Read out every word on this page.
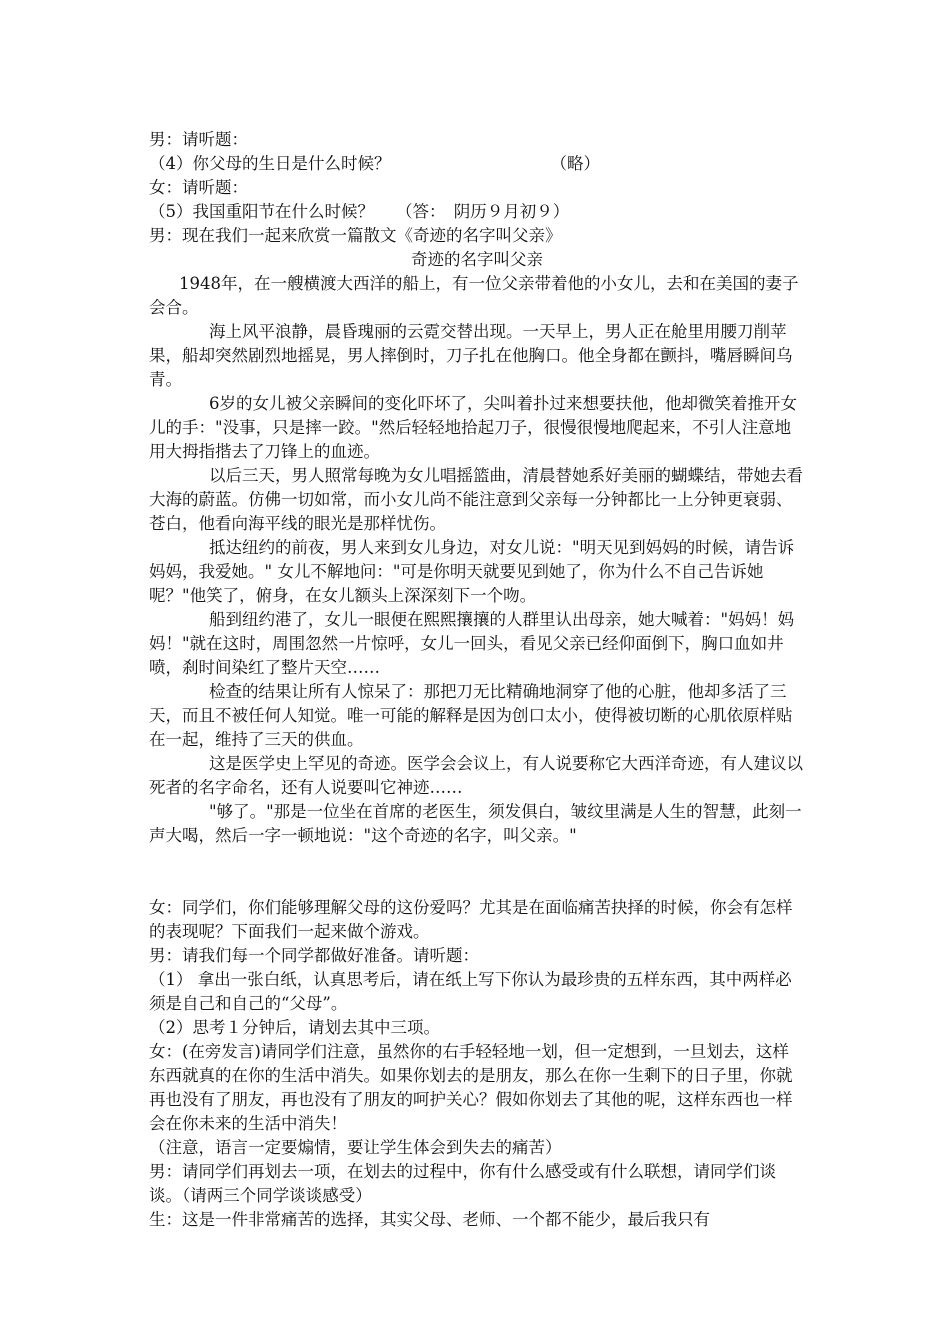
男：请听题：

（4）你父母的生日是什么时候？	（略）

女：请听题：

（5）我国重阳节在什么时候？ （答：　阴历９月初９）

男：现在我们一起来欣赏一篇散文《奇迹的名字叫父亲》

奇迹的名字叫父亲

1948年，在一艘横渡大西洋的船上，有一位父亲带着他的小女儿，去和在美国的妻子会合。

海上风平浪静，晨昏瑰丽的云霓交替出现。一天早上，男人正在舱里用腰刀削苹果，船却突然剧烈地摇晃，男人摔倒时，刀子扎在他胸口。他全身都在颤抖，嘴唇瞬间乌青。

6岁的女儿被父亲瞬间的变化吓坏了，尖叫着扑过来想要扶他，他却微笑着推开女儿的手："没事，只是摔一跤。"然后轻轻地拾起刀子，很慢很慢地爬起来，不引人注意地用大拇指揩去了刀锋上的血迹。

以后三天，男人照常每晚为女儿唱摇篮曲，清晨替她系好美丽的蝴蝶结，带她去看大海的蔚蓝。仿佛一切如常，而小女儿尚不能注意到父亲每一分钟都比一上分钟更衰弱、苍白，他看向海平线的眼光是那样忧伤。

抵达纽约的前夜，男人来到女儿身边，对女儿说："明天见到妈妈的时候，请告诉妈妈，我爱她。" 女儿不解地问："可是你明天就要见到她了，你为什么不自己告诉她呢？"他笑了，俯身，在女儿额头上深深刻下一个吻。

船到纽约港了，女儿一眼便在熙熙攘攘的人群里认出母亲，她大喊着："妈妈！妈妈！"就在这时，周围忽然一片惊呼，女儿一回头，看见父亲已经仰面倒下，胸口血如井喷，刹时间染红了整片天空……

检查的结果让所有人惊呆了：那把刀无比精确地洞穿了他的心脏，他却多活了三天，而且不被任何人知觉。唯一可能的解释是因为创口太小，使得被切断的心肌依原样贴在一起，维持了三天的供血。

这是医学史上罕见的奇迹。医学会会议上，有人说要称它大西洋奇迹，有人建议以死者的名字命名，还有人说要叫它神迹……

"够了。"那是一位坐在首席的老医生，须发俱白，皱纹里满是人生的智慧，此刻一声大喝，然后一字一顿地说："这个奇迹的名字，叫父亲。"

女：同学们，你们能够理解父母的这份爱吗？尤其是在面临痛苦抉择的时候，你会有怎样的表现呢？下面我们一起来做个游戏。

男：请我们每一个同学都做好准备。请听题：

（1） 拿出一张白纸，认真思考后，请在纸上写下你认为最珍贵的五样东西，其中两样必须是自己和自己的“父母”。

（2）思考１分钟后，请划去其中三项。

女：(在旁发言)请同学们注意，虽然你的右手轻轻地一划，但一定想到，一旦划去，这样东西就真的在你的生活中消失。如果你划去的是朋友，那么在你一生剩下的日子里，你就再也没有了朋友，再也没有了朋友的呵护关心？假如你划去了其他的呢，这样东西也一样会在你未来的生活中消失！

（注意，语言一定要煽情，要让学生体会到失去的痛苦）

男：请同学们再划去一项，在划去的过程中，你有什么感受或有什么联想，请同学们谈谈。（请两三个同学谈谈感受）

生：这是一件非常痛苦的选择，其实父母、老师、一个都不能少，最后我只有
